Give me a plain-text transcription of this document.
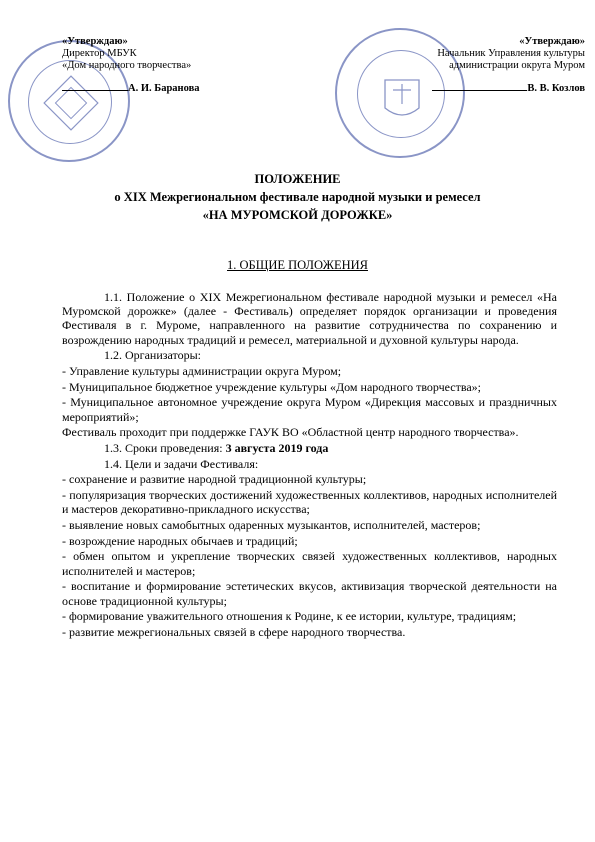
«Утверждаю»
Директор МБУК
«Дом народного творчества»
А. И. Баранова
«Утверждаю»
Начальник Управления культуры
администрации округа Муром
В. В. Козлов
ПОЛОЖЕНИЕ
о XIX Межрегиональном фестивале народной музыки и ремесел
«НА МУРОМСКОЙ ДОРОЖКЕ»
1. ОБЩИЕ ПОЛОЖЕНИЯ

1.1. Положение о XIX Межрегиональном фестивале народной музыки и ремесел «На Муромской дорожке» (далее - Фестиваль) определяет порядок организации и проведения Фестиваля в г. Муроме, направленного на развитие сотрудничества по сохранению и возрождению народных традиций и ремесел, материальной и духовной культуры народа.

1.2. Организаторы:

- Управление культуры администрации округа Муром;

- Муниципальное бюджетное учреждение культуры «Дом народного творчества»;

- Муниципальное автономное учреждение округа Муром «Дирекция массовых и праздничных мероприятий»;

Фестиваль проходит при поддержке ГАУК ВО «Областной центр народного творчества».

1.3. Сроки проведения: 3 августа 2019 года

1.4. Цели и задачи Фестиваля:

- сохранение и развитие народной традиционной культуры;

- популяризация творческих достижений художественных коллективов, народных исполнителей и мастеров декоративно-прикладного искусства;

- выявление новых самобытных одаренных музыкантов, исполнителей, мастеров;

- возрождение народных обычаев и традиций;

- обмен опытом и укрепление творческих связей художественных коллективов, народных исполнителей и мастеров;

- воспитание и формирование эстетических вкусов, активизация творческой деятельности на основе традиционной культуры;

- формирование уважительного отношения к Родине, к ее истории, культуре, традициям;

- развитие межрегиональных связей в сфере народного творчества.
